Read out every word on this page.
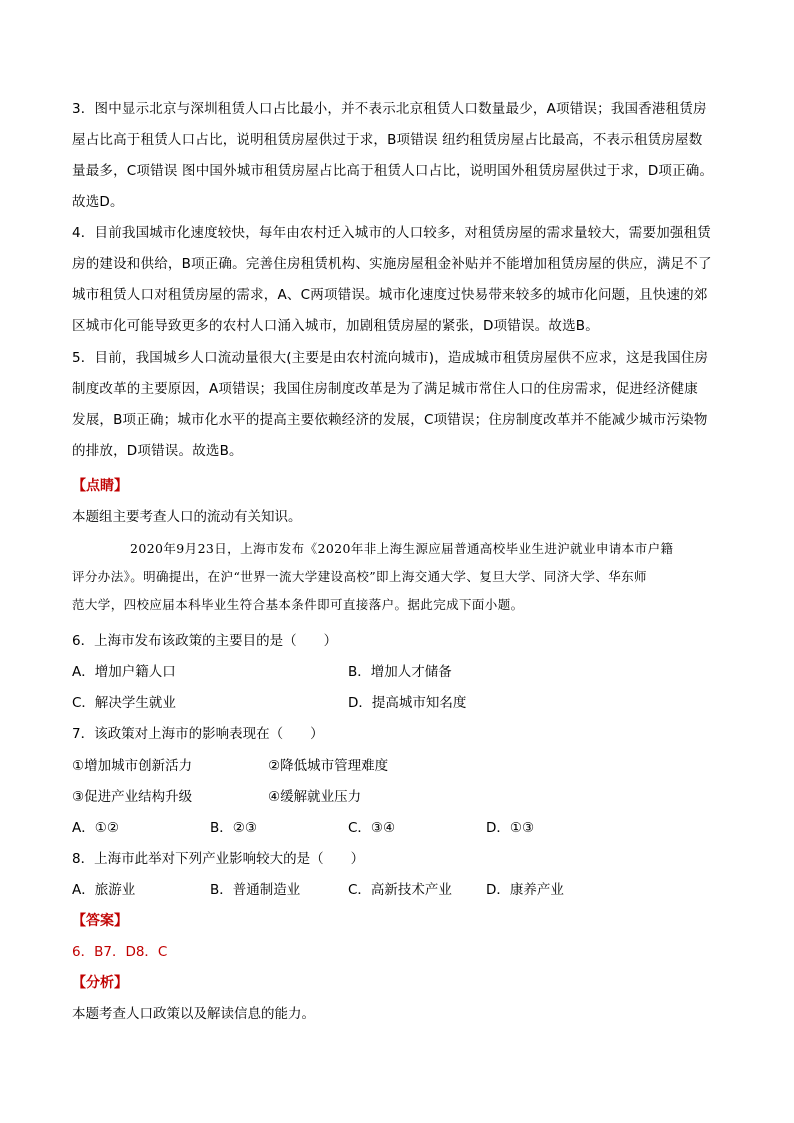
3．图中显示北京与深圳租赁人口占比最小，并不表示北京租赁人口数量最少，A项错误；我国香港租赁房

屋占比高于租赁人口占比，说明租赁房屋供过于求，B项错误 纽约租赁房屋占比最高，不表示租赁房屋数

量最多，C项错误 图中国外城市租赁房屋占比高于租赁人口占比，说明国外租赁房屋供过于求，D项正确。

故选D。

4．目前我国城市化速度较快，每年由农村迁入城市的人口较多，对租赁房屋的需求量较大，需要加强租赁

房的建设和供给，B项正确。完善住房租赁机构、实施房屋租金补贴并不能增加租赁房屋的供应，满足不了

城市租赁人口对租赁房屋的需求，A、C两项错误。城市化速度过快易带来较多的城市化问题，且快速的郊

区城市化可能导致更多的农村人口涌入城市，加剧租赁房屋的紧张，D项错误。故选B。

5．目前，我国城乡人口流动量很大(主要是由农村流向城市)，造成城市租赁房屋供不应求，这是我国住房

制度改革的主要原因，A项错误；我国住房制度改革是为了满足城市常住人口的住房需求，促进经济健康

发展，B项正确；城市化水平的提高主要依赖经济的发展，C项错误；住房制度改革并不能减少城市污染物

的排放，D项错误。故选B。

【点睛】
本题组主要考查人口的流动有关知识。

2020年9月23日，上海市发布《2020年非上海生源应届普通高校毕业生进沪就业申请本市户籍

评分办法》。明确提出，在沪“世界一流大学建设高校”即上海交通大学、复旦大学、同济大学、华东师

范大学，四校应届本科毕业生符合基本条件即可直接落户。据此完成下面小题。

6．上海市发布该政策的主要目的是（　　）
A．增加户籍人口	B．增加人才储备
C．解决学生就业	D．提高城市知名度
7．该政策对上海市的影响表现在（　　）
①增加城市创新活力	②降低城市管理难度
③促进产业结构升级	④缓解就业压力
A．①②	B．②③	C．③④	D．①③
8．上海市此举对下列产业影响较大的是（　　）
A．旅游业	B．普通制造业	C．高新技术产业	D．康养产业
【答案】
6．B7．D8．C
【分析】
本题考查人口政策以及解读信息的能力。
